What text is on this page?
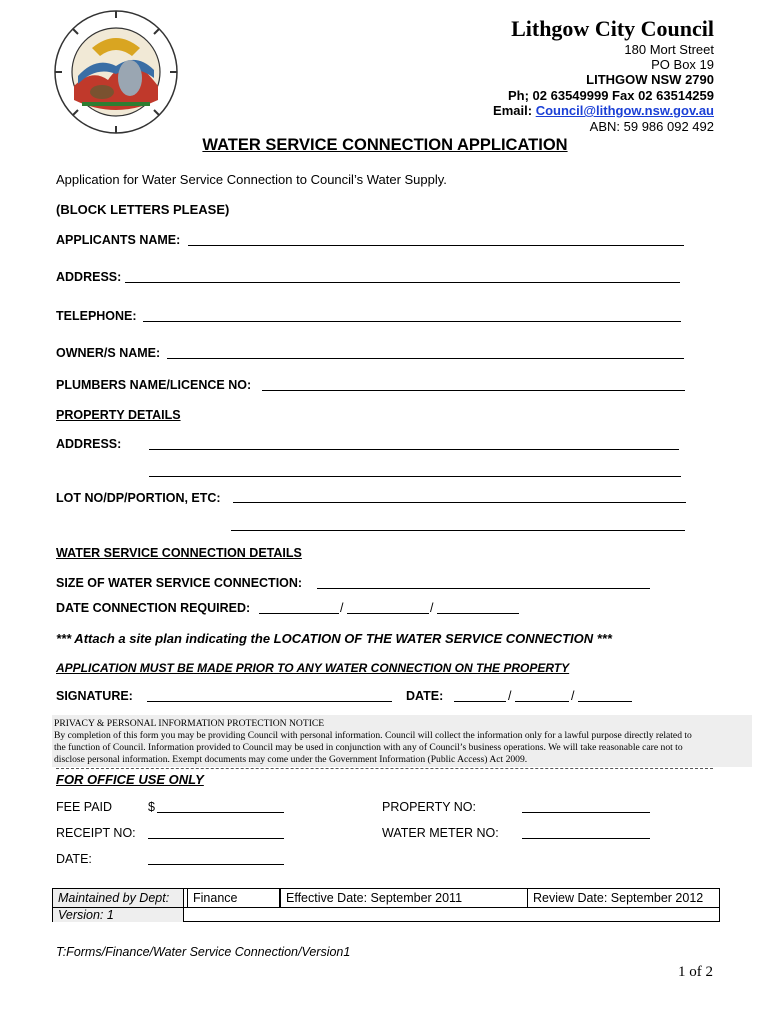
Lithgow City Council
180 Mort Street
PO Box 19
LITHGOW NSW 2790
Ph; 02 63549999 Fax 02 63514259
Email: Council@lithgow.nsw.gov.au
ABN: 59 986 092 492
WATER SERVICE CONNECTION APPLICATION
Application for Water Service Connection to Council’s Water Supply.
(BLOCK LETTERS PLEASE)
APPLICANTS NAME:
ADDRESS:
TELEPHONE:
OWNER/S NAME:
PLUMBERS NAME/LICENCE NO:
PROPERTY DETAILS
ADDRESS:
LOT NO/DP/PORTION, ETC:
WATER SERVICE CONNECTION DETAILS
SIZE OF WATER SERVICE CONNECTION:
DATE CONNECTION REQUIRED:	/	/
*** Attach a site plan indicating the LOCATION OF THE WATER SERVICE CONNECTION ***
APPLICATION MUST BE MADE PRIOR TO ANY WATER CONNECTION ON THE PROPERTY
SIGNATURE:	DATE:	/	/
PRIVACY & PERSONAL INFORMATION PROTECTION NOTICE
By completion of this form you may be providing Council with personal information. Council will collect the information only for a lawful purpose directly related to
the function of Council. Information provided to Council may be used in conjunction with any of Council’s business operations. We will take reasonable care not to
disclose personal information. Exempt documents may come under the Government Information (Public Access) Act 2009.
FOR OFFICE USE ONLY
FEE PAID	$	PROPERTY NO:
RECEIPT NO:	WATER METER NO:
DATE:
Maintained by Dept:	Finance	Effective Date: September 2011	Review Date: September 2012
Version: 1
T:Forms/Finance/Water Service Connection/Version1
1 of 2
